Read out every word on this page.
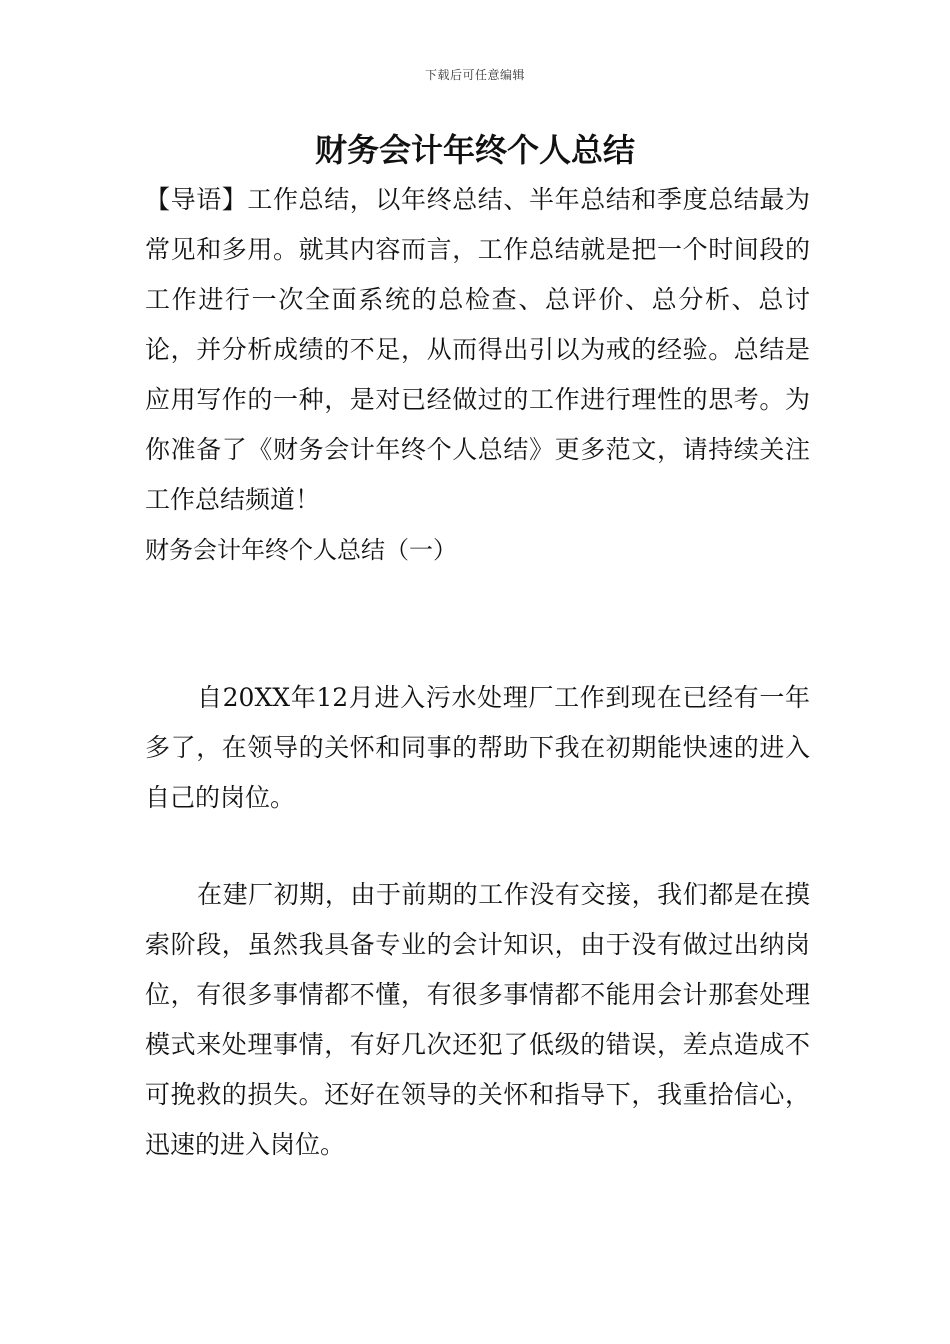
下载后可任意编辑
财务会计年终个人总结

【导语】工作总结，以年终总结、半年总结和季度总结最为常见和多用。就其内容而言，工作总结就是把一个时间段的工作进行一次全面系统的总检查、总评价、总分析、总讨论，并分析成绩的不足，从而得出引以为戒的经验。总结是应用写作的一种，是对已经做过的工作进行理性的思考。为你准备了《财务会计年终个人总结》更多范文，请持续关注工作总结频道！

财务会计年终个人总结（一）

自20XX年12月进入污水处理厂工作到现在已经有一年多了，在领导的关怀和同事的帮助下我在初期能快速的进入自己的岗位。

在建厂初期，由于前期的工作没有交接，我们都是在摸索阶段，虽然我具备专业的会计知识，由于没有做过出纳岗位，有很多事情都不懂，有很多事情都不能用会计那套处理模式来处理事情，有好几次还犯了低级的错误，差点造成不可挽救的损失。还好在领导的关怀和指导下，我重拾信心，迅速的进入岗位。
